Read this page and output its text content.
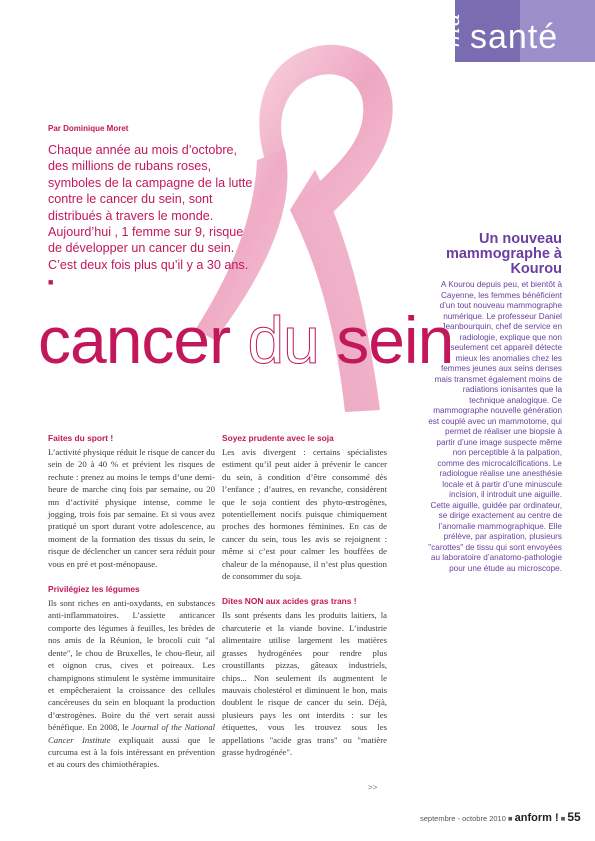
ma santé
Par Dominique Moret
Chaque année au mois d’octobre, des millions de rubans roses, symboles de la campagne de la lutte contre le cancer du sein, sont distribués à travers le monde. Aujourd’hui , 1 femme sur 9, risque de développer un cancer du sein. C’est deux fois plus qu’il y a 30 ans. ■
cancer du sein
Faites du sport !

L’activité physique réduit le risque de cancer du sein de 20 à 40 % et prévient les risques de rechute : prenez au moins le temps d’une demi-heure de marche cinq fois par semaine, ou 20 mn d’activité physique intense, comme le jogging, trois fois par semaine. Et si vous avez pratiqué un sport durant votre adolescence, au moment de la formation des tissus du sein, le risque de déclencher un cancer sera réduit pour vous en pré et post-ménopause.

Privilégiez les légumes

Ils sont riches en anti-oxydants, en substances anti-inflammatoires. L’assiette anticancer comporte des légumes à feuilles, les brèdes de nos amis de la Réunion, le brocoli cuit "al dente", le chou de Bruxelles, le chou-fleur, ail et oignon crus, cives et poireaux. Les champignons stimulent le système immunitaire et empêcheraient la croissance des cellules cancéreuses du sein en bloquant la production d’œstrogènes. Boire du thé vert serait aussi bénéfique. En 2008, le Journal of the National Cancer Institute expliquait aussi que le curcuma est à la fois intéressant en prévention et au cours des chimiothérapies.

Soyez prudente avec le soja

Les avis divergent : certains spécialistes estiment qu’il peut aider à prévenir le cancer du sein, à condition d’être consommé dès l’enfance ; d’autres, en revanche, considèrent que le soja contient des phyto-œstrogènes, potentiellement nocifs puisque chimiquement proches des hormones féminines. En cas de cancer du sein, tous les avis se rejoignent : même si c’est pour calmer les bouffées de chaleur de la ménopause, il n’est plus question de consommer du soja.

Dites NON aux acides gras trans !

Ils sont présents dans les produits laitiers, la charcuterie et la viande bovine. L’industrie alimentaire utilise largement les matières grasses hydrogénées pour rendre plus croustillants pizzas, gâteaux industriels, chips... Non seulement ils augmentent le mauvais cholestérol et diminuent le bon, mais doublent le risque de cancer du sein. Déjà, plusieurs pays les ont interdits : sur les étiquettes, vous les trouvez sous les appellations "acide gras trans" ou "matière grasse hydrogénée".

>>
Un nouveau mammographe à Kourou
A Kourou depuis peu, et bientôt à Cayenne, les femmes bénéficient d’un tout nouveau mammographe numérique. Le professeur Daniel Jeanbourquin, chef de service en radiologie, explique que non seulement cet appareil détecte mieux les anomalies chez les femmes jeunes aux seins denses mais transmet également moins de radiations ionisantes que la technique analogique. Ce mammographe nouvelle génération est couplé avec un mammotome, qui permet de réaliser une biopsie à partir d’une image suspecte même non perceptible à la palpation, comme des microcalcifications. Le radiologue réalise une anesthésie locale et à partir d’une minuscule incision, il introduit une aiguille. Cette aiguille, guidée par ordinateur, se dirige exactement au centre de l’anomalie mammographique. Elle prélève, par aspiration, plusieurs "carottes" de tissu qui sont envoyées au laboratoire d’anatomo-pathologie pour une étude au microscope.
septembre - octobre 2010 ■ anform ! ■ 55
